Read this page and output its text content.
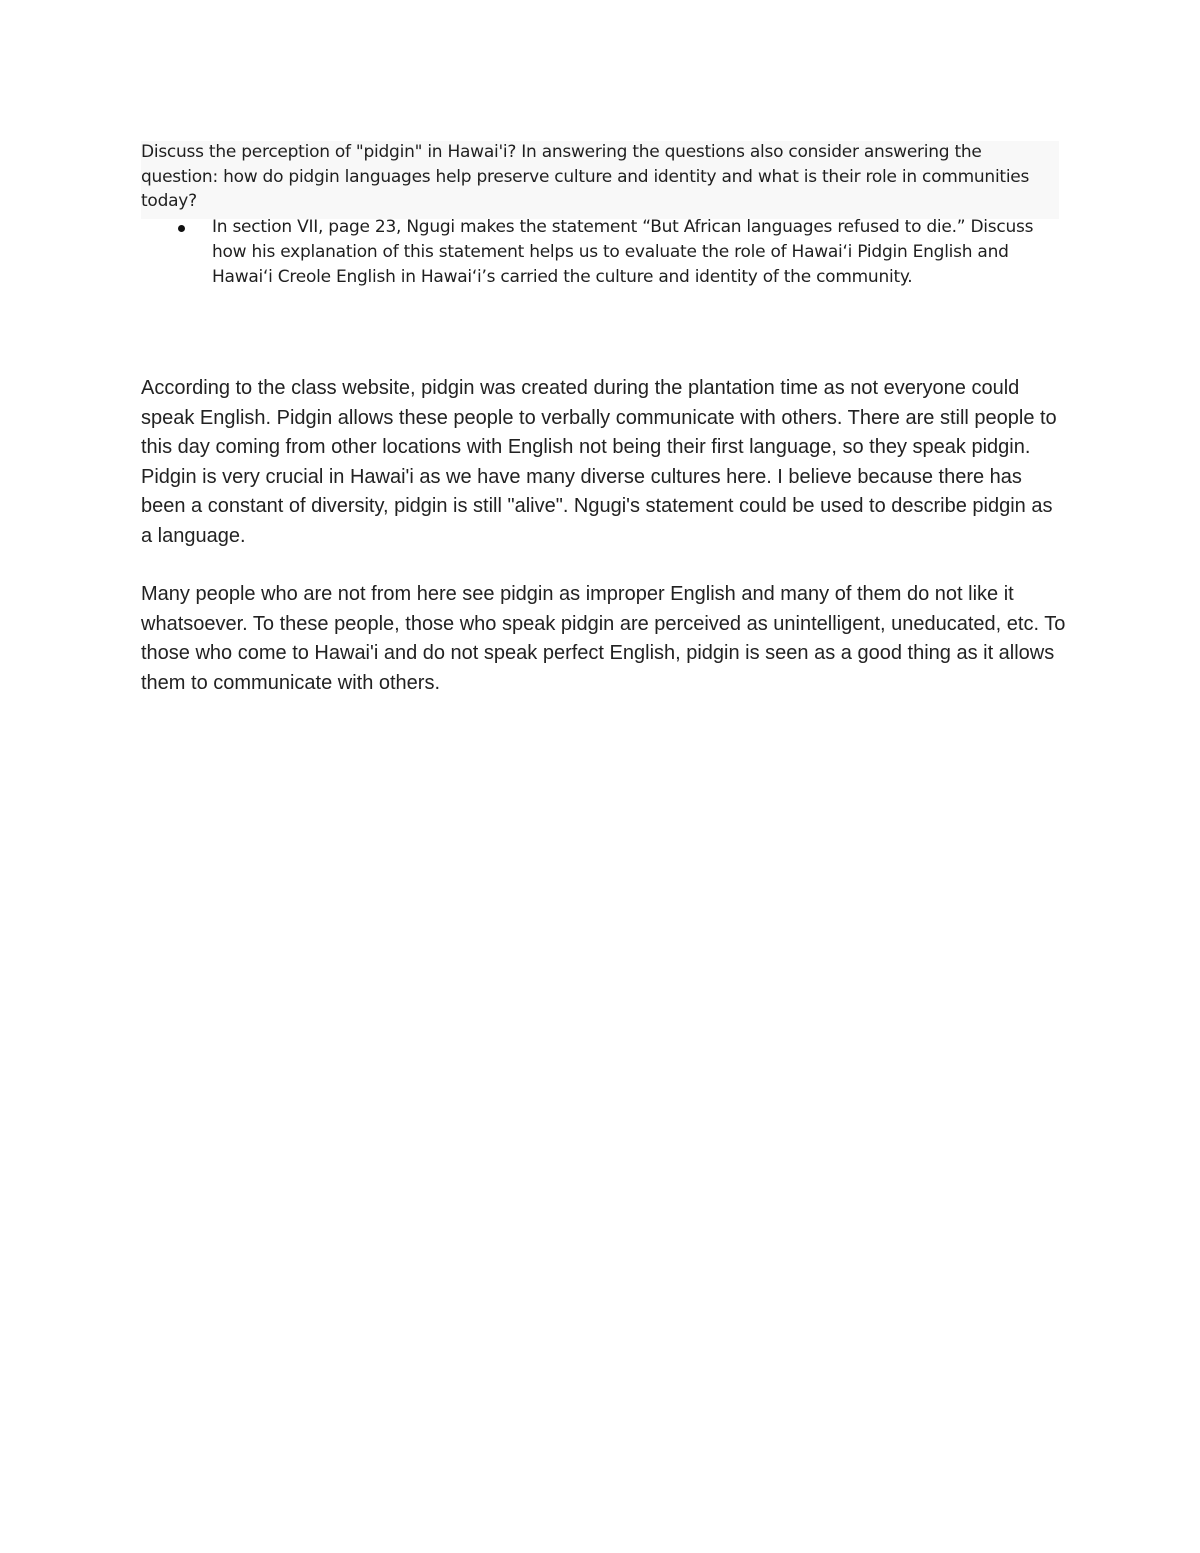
Discuss the perception of "pidgin" in Hawai'i? In answering the questions also consider answering the question: how do pidgin languages help preserve culture and identity and what is their role in communities today?

In section VII, page 23, Ngugi makes the statement “But African languages refused to die.” Discuss how his explanation of this statement helps us to evaluate the role of Hawai‘i Pidgin English and Hawai‘i Creole English in Hawai‘i’s carried the culture and identity of the community.

According to the class website, pidgin was created during the plantation time as not everyone could speak English. Pidgin allows these people to verbally communicate with others. There are still people to this day coming from other locations with English not being their first language, so they speak pidgin. Pidgin is very crucial in Hawai'i as we have many diverse cultures here. I believe because there has been a constant of diversity, pidgin is still "alive". Ngugi's statement could be used to describe pidgin as a language.

Many people who are not from here see pidgin as improper English and many of them do not like it whatsoever. To these people, those who speak pidgin are perceived as unintelligent, uneducated, etc. To those who come to Hawai'i and do not speak perfect English, pidgin is seen as a good thing as it allows them to communicate with others.
